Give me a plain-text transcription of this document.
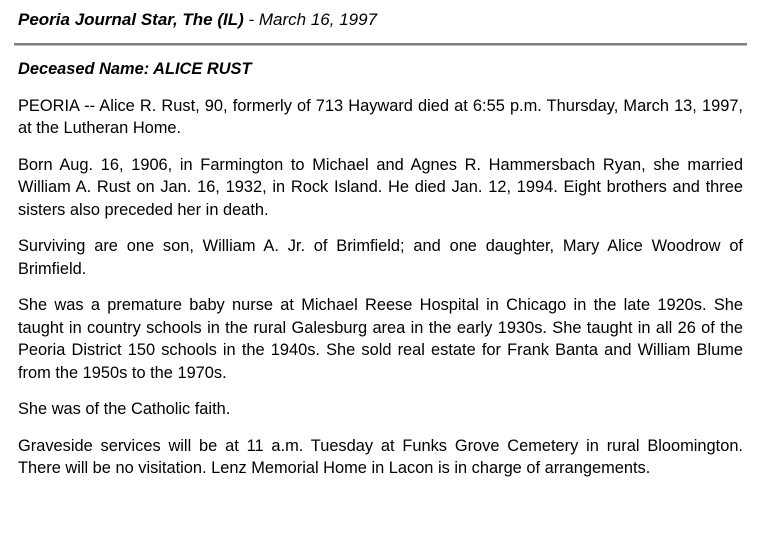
Peoria Journal Star, The (IL) - March 16, 1997

Deceased Name: ALICE RUST

PEORIA -- Alice R. Rust, 90, formerly of 713 Hayward died at 6:55 p.m. Thursday, March 13, 1997, at the Lutheran Home.

Born Aug. 16, 1906, in Farmington to Michael and Agnes R. Hammersbach Ryan, she married William A. Rust on Jan. 16, 1932, in Rock Island. He died Jan. 12, 1994. Eight brothers and three sisters also preceded her in death.

Surviving are one son, William A. Jr. of Brimfield; and one daughter, Mary Alice Woodrow of Brimfield.

She was a premature baby nurse at Michael Reese Hospital in Chicago in the late 1920s. She taught in country schools in the rural Galesburg area in the early 1930s. She taught in all 26 of the Peoria District 150 schools in the 1940s. She sold real estate for Frank Banta and William Blume from the 1950s to the 1970s.

She was of the Catholic faith.

Graveside services will be at 11 a.m. Tuesday at Funks Grove Cemetery in rural Bloomington. There will be no visitation. Lenz Memorial Home in Lacon is in charge of arrangements.
